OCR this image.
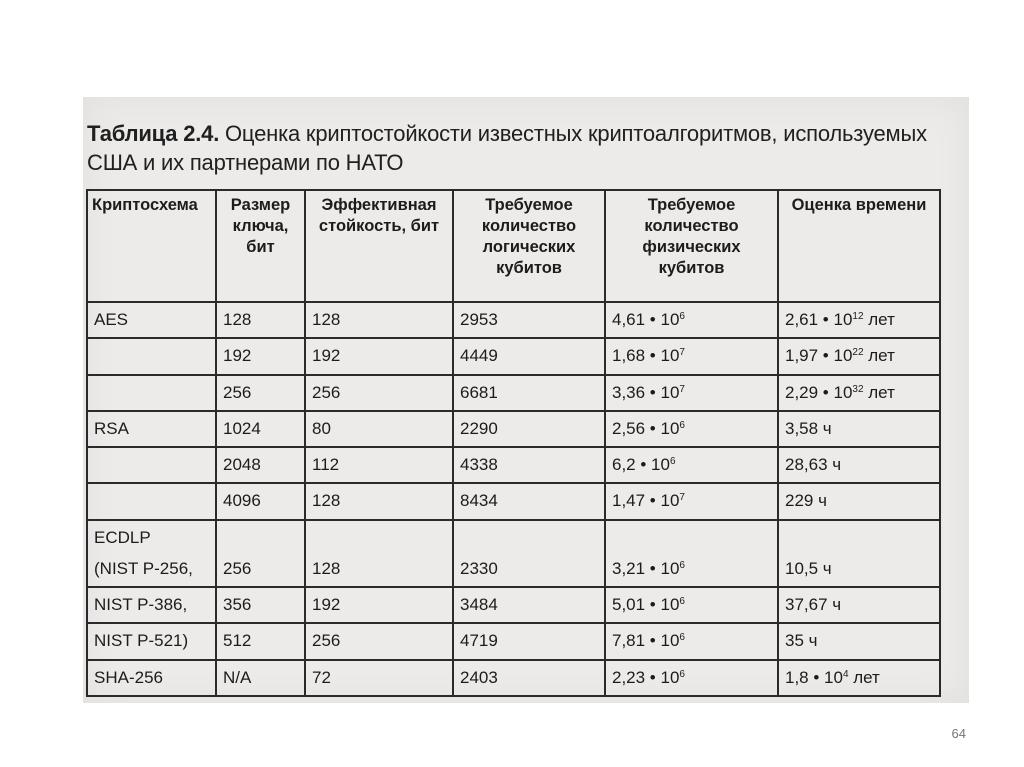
Таблица 2.4. Оценка криптостойкости известных криптоалгоритмов, используемых США и их партнерами по НАТО
Криптосхема	Размер ключа, бит	Эффективная стойкость, бит	Требуемое количество логических кубитов	Требуемое количество физических кубитов	Оценка времени
AES	128	128	2953	4,61 • $10^6$	2,61 • $10^{12}$ лет
	192	192	4449	1,68 • $10^7$	1,97 • $10^{22}$ лет
	256	256	6681	3,36 • $10^7$	2,29 • $10^{32}$ лет
RSA	1024	80	2290	2,56 • $10^6$	3,58 ч
	2048	112	4338	6,2 • $10^6$	28,63 ч
	4096	128	8434	1,47 • $10^7$	229 ч
ECDLP					
(NIST P-256,	256	128	2330	3,21 • $10^6$	10,5 ч
NIST P-386,	356	192	3484	5,01 • $10^6$	37,67 ч
NIST P-521)	512	256	4719	7,81 • $10^6$	35 ч
SHA-256	N/A	72	2403	2,23 • $10^6$	1,8 • $10^4$ лет
64
